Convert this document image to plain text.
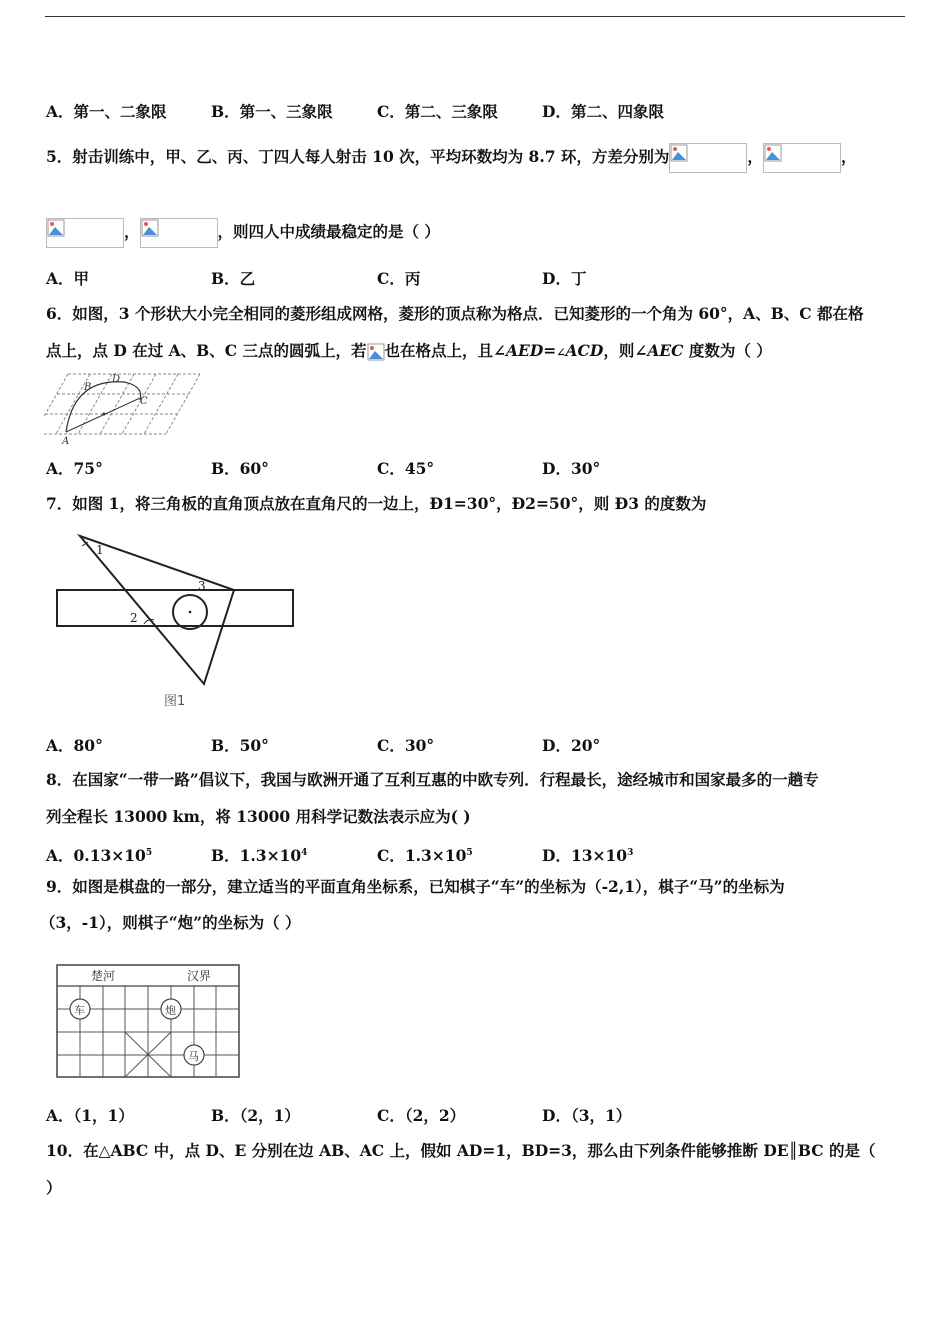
A．第一、二象限	B．第一、三象限	C．第二、三象限	D．第二、四象限
5．射击训练中，甲、乙、丙、丁四人每人射击 10 次，平均环数均为 8.7 环，方差分别为	，	，
，	，则四人中成绩最稳定的是（ ）
A．甲	B．乙	C．丙	D．丁
6．如图，3 个形状大小完全相同的菱形组成网格，菱形的顶点称为格点．已知菱形的一个角为 60°，A、B、C 都在格
点上，点 D 在过 A、B、C 三点的圆弧上，若 也在格点上，且∠AED=∠ACD，则∠AEC 度数为（ ）
B
D
C
A
A．75°	B．60°	C．45°	D．30°
7．如图 1，将三角板的直角顶点放在直角尺的一边上，Ð1=30°，Ð2=50°，则 Ð3 的度数为
1
2
3
图1
A．80°	B．50°	C．30°	D．20°
8．在国家“一带一路”倡议下，我国与欧洲开通了互利互惠的中欧专列．行程最长，途经城市和国家最多的一趟专
列全程长 13000 km，将 13000 用科学记数法表示应为( )
A．$0.13\times 10^5$	B．$1.3\times 10^4$	C．$1.3\times 10^5$	D．$13\times 10^3$
9．如图是棋盘的一部分，建立适当的平面直角坐标系，已知棋子“车”的坐标为（-2,1），棋子“马”的坐标为
（3，-1），则棋子“炮”的坐标为（ ）
楚河	汉界
车	炮
马
A．（1，1）	B．（2，1）	C．（2，2）	D．（3，1）
10．在△ABC 中，点 D、E 分别在边 AB、AC 上，假如 AD=1，BD=3，那么由下列条件能够推断 DE║BC 的是（
）
